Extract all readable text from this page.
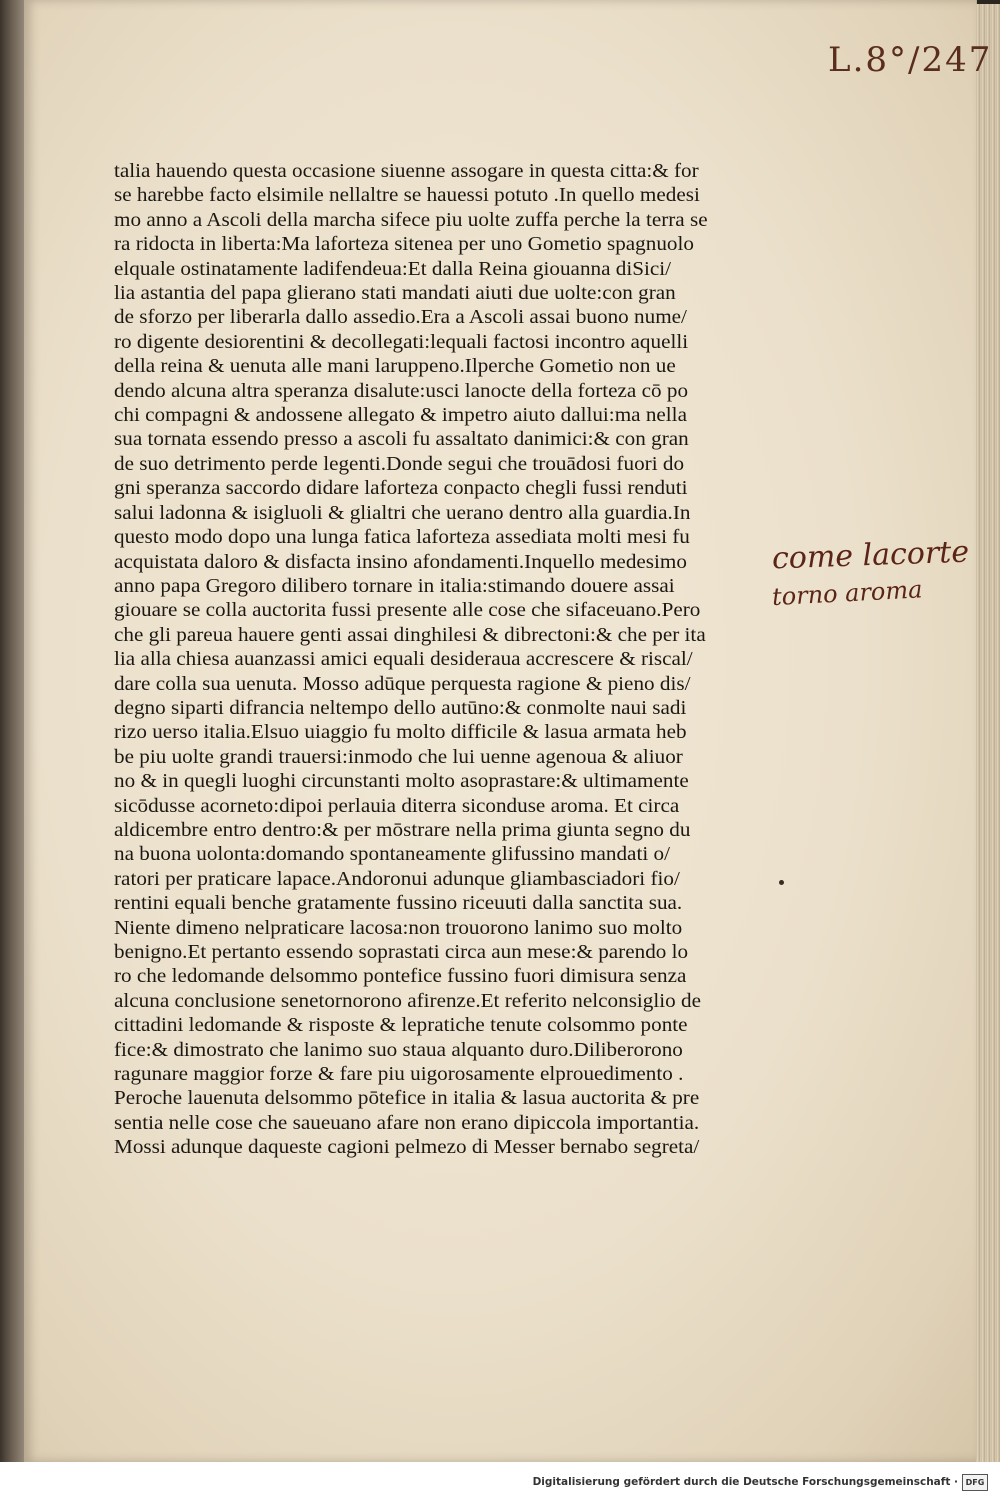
L.8°/247
talia hauendo questa occasione siuenne assogare in questa citta:& for
se harebbe facto elsimile nellaltre se hauessi potuto .In quello medesi
mo anno a Ascoli della marcha sifece piu uolte zuffa perche la terra se
ra ridocta in liberta:Ma laforteza sitenea per uno Gometio spagnuolo
elquale ostinatamente ladifendeua:Et dalla Reina giouanna diSici/
lia astantia del papa glierano stati mandati aiuti due uolte:con gran
de sforzo per liberarla dallo assedio.Era a Ascoli assai buono nume/
ro digente desiorentini & decollegati:lequali factosi incontro aquelli
della reina & uenuta alle mani laruppeno.Ilperche Gometio non ue
dendo alcuna altra speranza disalute:usci lanocte della forteza cō po
chi compagni & andossene allegato & impetro aiuto dallui:ma nella
sua tornata essendo presso a ascoli fu assaltato danimici:& con gran
de suo detrimento perde legenti.Donde segui che trouādosi fuori do
gni speranza saccordo didare laforteza conpacto chegli fussi renduti
salui ladonna & isigluoli & glialtri che uerano dentro alla guardia.In
questo modo dopo una lunga fatica laforteza assediata molti mesi fu
acquistata daloro & disfacta insino afondamenti.Inquello medesimo
anno papa Gregoro dilibero tornare in italia:stimando douere assai
giouare se colla auctorita fussi presente alle cose che sifaceuano.Pero
che gli pareua hauere genti assai dinghilesi & dibrectoni:& che per ita
lia alla chiesa auanzassi amici equali desideraua accrescere & riscal/
dare colla sua uenuta. Mosso adūque perquesta ragione & pieno dis/
degno siparti difrancia neltempo dello autūno:& conmolte naui sadi
rizo uerso italia.Elsuo uiaggio fu molto difficile & lasua armata heb
be piu uolte grandi trauersi:inmodo che lui uenne agenoua & aliuor
no & in quegli luoghi circunstanti molto asoprastare:& ultimamente
sicōdusse acorneto:dipoi perlauia diterra siconduse aroma. Et circa
aldicembre entro dentro:& per mōstrare nella prima giunta segno du
na buona uolonta:domando spontaneamente glifussino mandati o/
ratori per praticare lapace.Andoronui adunque gliambasciadori fio/
rentini equali benche gratamente fussino riceuuti dalla sanctita sua.
Niente dimeno nelpraticare lacosa:non trouorono lanimo suo molto
benigno.Et pertanto essendo soprastati circa aun mese:& parendo lo
ro che ledomande delsommo pontefice fussino fuori dimisura senza
alcuna conclusione senetornorono afirenze.Et referito nelconsiglio de
cittadini ledomande & risposte & lepratiche tenute colsommo ponte
fice:& dimostrato che lanimo suo staua alquanto duro.Diliberorono
ragunare maggior forze & fare piu uigorosamente elprouedimento .
Peroche lauenuta delsommo pōtefice in italia & lasua auctorita & pre
sentia nelle cose che saueuano afare non erano dipiccola importantia.
Mossi adunque daqueste cagioni pelmezo di Messer bernabo segreta/
come lacorte
torno aroma
Digitalisierung gefördert durch die Deutsche Forschungsgemeinschaft · DFG
